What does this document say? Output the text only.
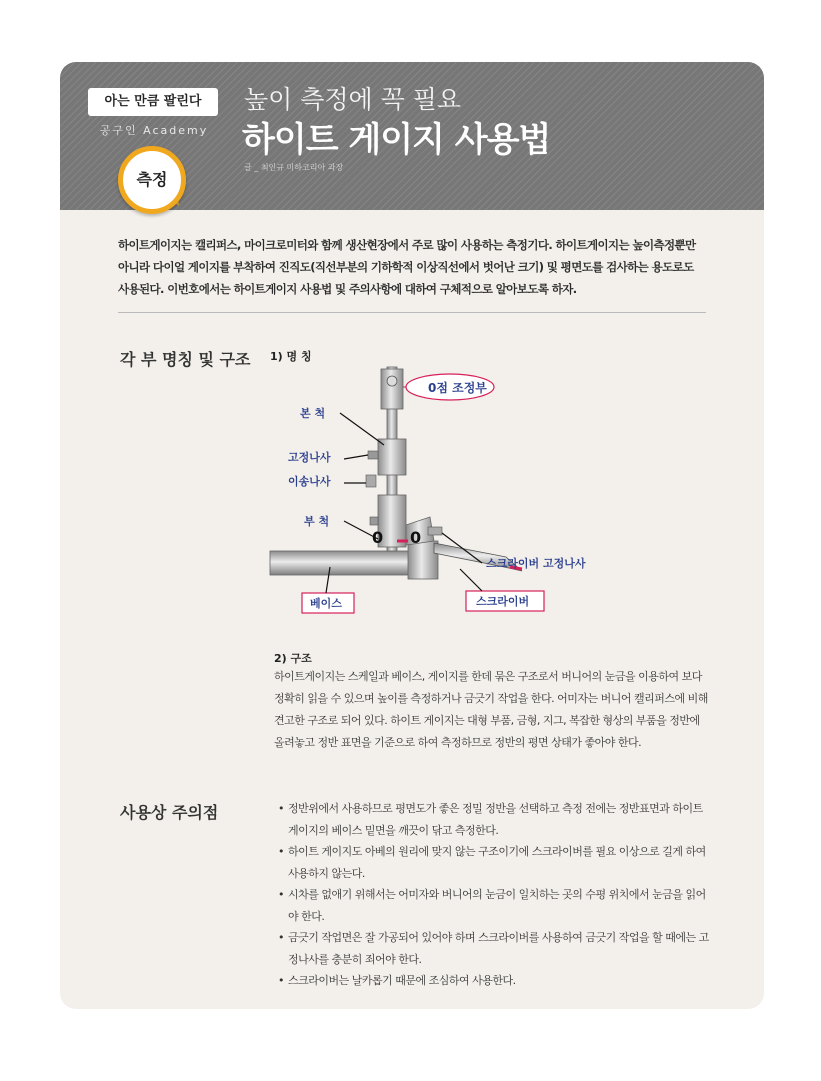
아는 만큼 팔린다
공구인 Academy
높이 측정에 꼭 필요
하이트 게이지 사용법
글 _ 최인규 미하코리아 과장
측정
하이트게이지는 캘리퍼스, 마이크로미터와 함께 생산현장에서 주로 많이 사용하는 측정기다. 하이트게이지는 높이측정뿐만 아니라 다이얼 게이지를 부착하여 진직도(직선부분의 기하학적 이상직선에서 벗어난 크기) 및 평면도를 검사하는 용도로도 사용된다. 이번호에서는 하이트게이지 사용법 및 주의사항에 대하여 구체적으로 알아보도록 하자.
각 부 명칭 및 구조 1) 명 칭
0 0
0점 조정부
본 척
고정나사
이송나사
부 척
스크라이버 고정나사
베이스	스크라이버
2) 구조
하이트게이지는 스케일과 베이스, 게이지를 한데 묶은 구조로서 버니어의 눈금을 이용하여 보다 정확히 읽을 수 있으며 높이를 측정하거나 금긋기 작업을 한다. 어미자는 버니어 캘리퍼스에 비해 견고한 구조로 되어 있다. 하이트 게이지는 대형 부품, 금형, 지그, 복잡한 형상의 부품을 정반에 올려놓고 정반 표면을 기준으로 하여 측정하므로 정반의 평면 상태가 좋아야 한다.
사용상 주의점
•	정반위에서 사용하므로 평면도가 좋은 정밀 정반을 선택하고 측정 전에는 정반표면과 하이트 게이지의 베이스 밑면을 깨끗이 닦고 측정한다.
• 하이트 게이지도 아베의 원리에 맞지 않는 구조이기에 스크라이버를 필요 이상으로 길게 하여 사용하지 않는다.
• 시차를 없애기 위해서는 어미자와 버니어의 눈금이 일치하는 곳의 수평 위치에서 눈금을 읽어야 한다.
• 금긋기 작업면은 잘 가공되어 있어야 하며 스크라이버를 사용하여 금긋기 작업을 할 때에는 고정나사를 충분히 죄어야 한다.
• 스크라이버는 날카롭기 때문에 조심하여 사용한다.
